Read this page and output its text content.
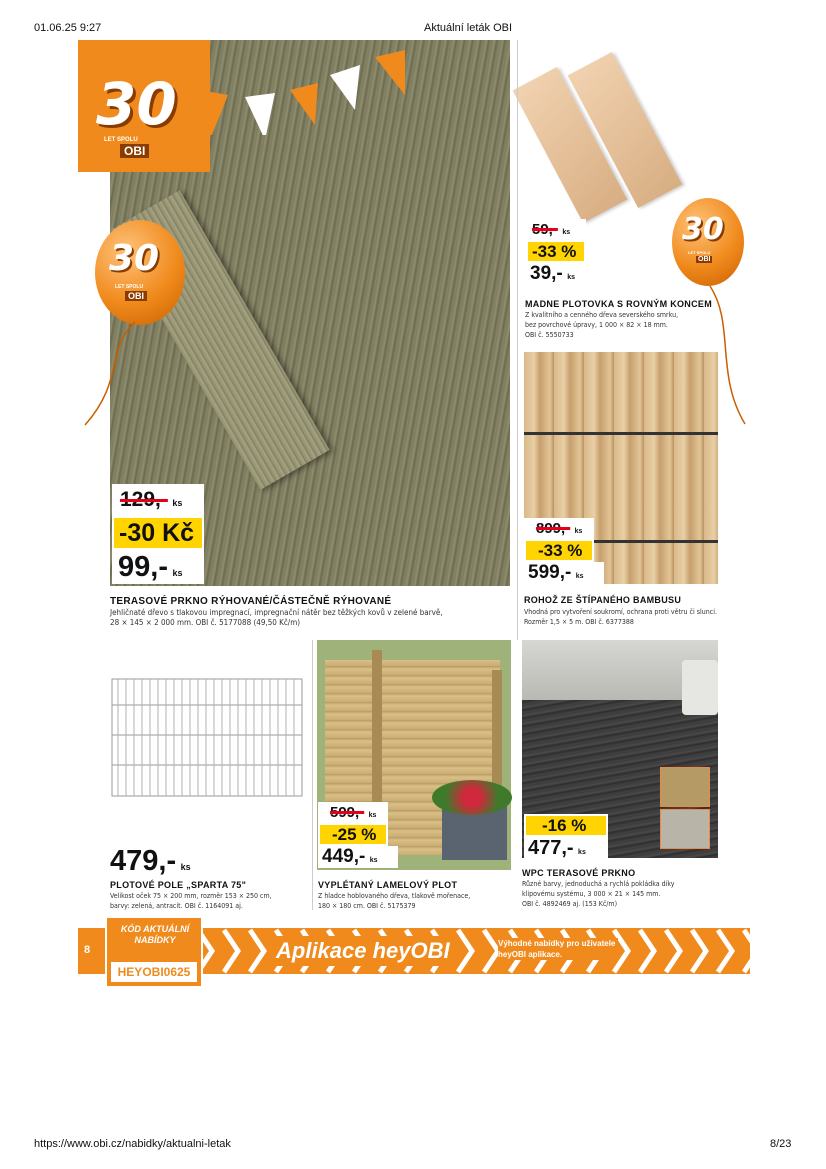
01.06.25 9:27	Aktuální leták OBI
30
LET SPOLU
OBI
30
LET SPOLU
OBI
129,- ks
-30 Kč
99,- ks
TERASOVÉ PRKNO RÝHOVANÉ/ČÁSTEČNĚ RÝHOVANÉ
Jehličnaté dřevo s tlakovou impregnací, impregnační nátěr bez těžkých kovů v zelené barvě,
28 × 145 × 2 000 mm. OBI č. 5177088 (49,50 Kč/m)
30
LET SPOLU
OBI
59,- ks
-33 %
39,- ks
MADNE PLOTOVKA S ROVNÝM KONCEM
Z kvalitního a cenného dřeva severského smrku,
bez povrchové úpravy, 1 000 × 82 × 18 mm.
OBI č. 5550733
899,- ks
-33 %
599,- ks
ROHOŽ ZE ŠTÍPANÉHO BAMBUSU
Vhodná pro vytvoření soukromí, ochrana proti větru či slunci.
Rozměr 1,5 × 5 m. OBI č. 6377388
479,- ks
PLOTOVÉ POLE „SPARTA 75"
Velikost oček 75 × 200 mm, rozměr 153 × 250 cm,
barvy: zelená, antracit. OBI č. 1164091 aj.
599,- ks
-25 %
449,- ks
VYPLÉTANÝ LAMELOVÝ PLOT
Z hladce hoblovaného dřeva, tlakově mořenace,
180 × 180 cm. OBI č. 5175379
-16 %
477,- ks
WPC TERASOVÉ PRKNO
Různé barvy, jednoduchá a rychlá pokládka díky
klipovému systému, 3 000 × 21 × 145 mm.
OBI č. 4892469 aj. (153 Kč/m)
8	Aplikace heyOBI	Výhodné nabídky pro uživatele heyOBI aplikace.
KÓD AKTUÁLNÍ NABÍDKY
HEYOBI0625
https://www.obi.cz/nabidky/aktualni-letak	8/23
